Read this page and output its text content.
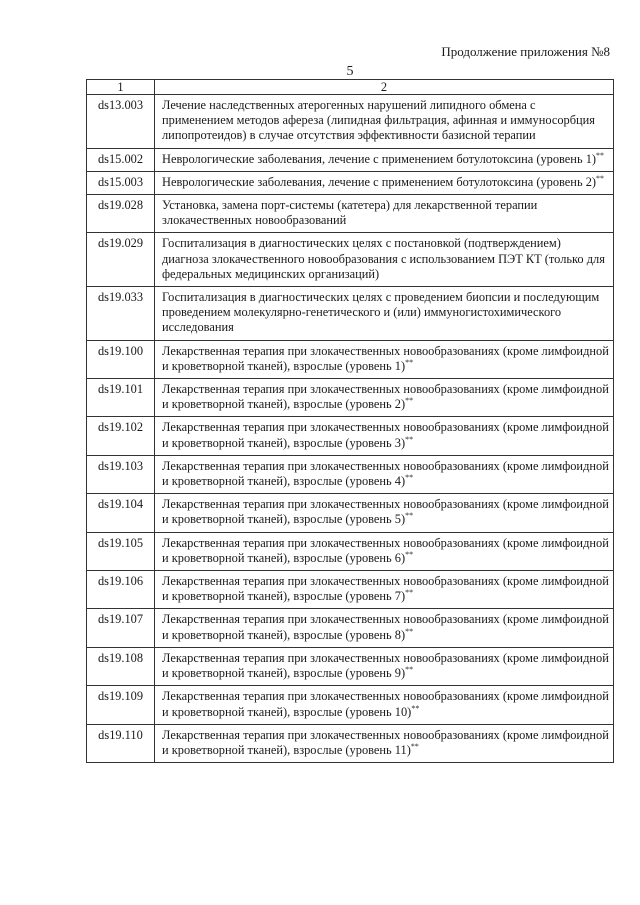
Продолжение приложения №8
5
1	2
ds13.003	Лечение наследственных атерогенных нарушений липидного обмена с применением методов афереза (липидная фильтрация, афинная и иммуносорбция липопротеидов) в случае отсутствия эффективности базисной терапии
ds15.002	Неврологические заболевания, лечение с применением ботулотоксина (уровень 1)**
ds15.003	Неврологические заболевания, лечение с применением ботулотоксина (уровень 2)**
ds19.028	Установка, замена порт-системы (катетера) для лекарственной терапии злокачественных новообразований
ds19.029	Госпитализация в диагностических целях с постановкой (подтверждением) диагноза злокачественного новообразования с использованием ПЭТ КТ (только для федеральных медицинских организаций)
ds19.033	Госпитализация в диагностических целях с проведением биопсии и последующим проведением молекулярно-генетического и (или) иммуногистохимического исследования
ds19.100	Лекарственная терапия при злокачественных новообразованиях (кроме лимфоидной и кроветворной тканей), взрослые (уровень 1)**
ds19.101	Лекарственная терапия при злокачественных новообразованиях (кроме лимфоидной и кроветворной тканей), взрослые (уровень 2)**
ds19.102	Лекарственная терапия при злокачественных новообразованиях (кроме лимфоидной и кроветворной тканей), взрослые (уровень 3)**
ds19.103	Лекарственная терапия при злокачественных новообразованиях (кроме лимфоидной и кроветворной тканей), взрослые (уровень 4)**
ds19.104	Лекарственная терапия при злокачественных новообразованиях (кроме лимфоидной и кроветворной тканей), взрослые (уровень 5)**
ds19.105	Лекарственная терапия при злокачественных новообразованиях (кроме лимфоидной и кроветворной тканей), взрослые (уровень 6)**
ds19.106	Лекарственная терапия при злокачественных новообразованиях (кроме лимфоидной и кроветворной тканей), взрослые (уровень 7)**
ds19.107	Лекарственная терапия при злокачественных новообразованиях (кроме лимфоидной и кроветворной тканей), взрослые (уровень 8)**
ds19.108	Лекарственная терапия при злокачественных новообразованиях (кроме лимфоидной и кроветворной тканей), взрослые (уровень 9)**
ds19.109	Лекарственная терапия при злокачественных новообразованиях (кроме лимфоидной и кроветворной тканей), взрослые (уровень 10)**
ds19.110	Лекарственная терапия при злокачественных новообразованиях (кроме лимфоидной и кроветворной тканей), взрослые (уровень 11)**
